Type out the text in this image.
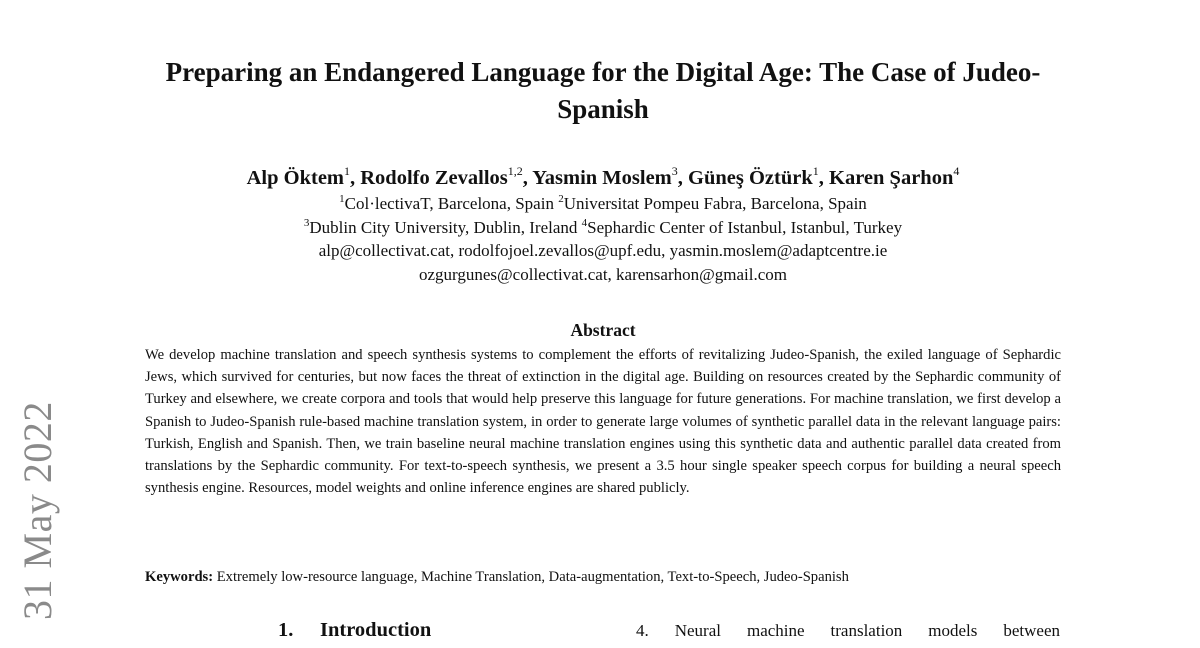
31 May 2022
Preparing an Endangered Language for the Digital Age: The Case of Judeo-Spanish

Alp Öktem$^1$, Rodolfo Zevallos$^{1,2}$, Yasmin Moslem$^3$, Güneş Öztürk$^1$, Karen Şarhon$^4$

$^1$Col·lectivaT, Barcelona, Spain $^2$Universitat Pompeu Fabra, Barcelona, Spain

$^3$Dublin City University, Dublin, Ireland $^4$Sephardic Center of Istanbul, Istanbul, Turkey

alp@collectivat.cat, rodolfojoel.zevallos@upf.edu, yasmin.moslem@adaptcentre.ie

ozgurgunes@collectivat.cat, karensarhon@gmail.com

Abstract

We develop machine translation and speech synthesis systems to complement the efforts of revitalizing Judeo-Spanish, the exiled language of Sephardic Jews, which survived for centuries, but now faces the threat of extinction in the digital age. Building on resources created by the Sephardic community of Turkey and elsewhere, we create corpora and tools that would help preserve this language for future generations. For machine translation, we first develop a Spanish to Judeo-Spanish rule-based machine translation system, in order to generate large volumes of synthetic parallel data in the relevant language pairs: Turkish, English and Spanish. Then, we train baseline neural machine translation engines using this synthetic data and authentic parallel data created from translations by the Sephardic community. For text-to-speech synthesis, we present a 3.5 hour single speaker speech corpus for building a neural speech synthesis engine. Resources, model weights and online inference engines are shared publicly.

Keywords: Extremely low-resource language, Machine Translation, Data-augmentation, Text-to-Speech, Judeo-Spanish

1. Introduction	4. Neural machine translation models between
